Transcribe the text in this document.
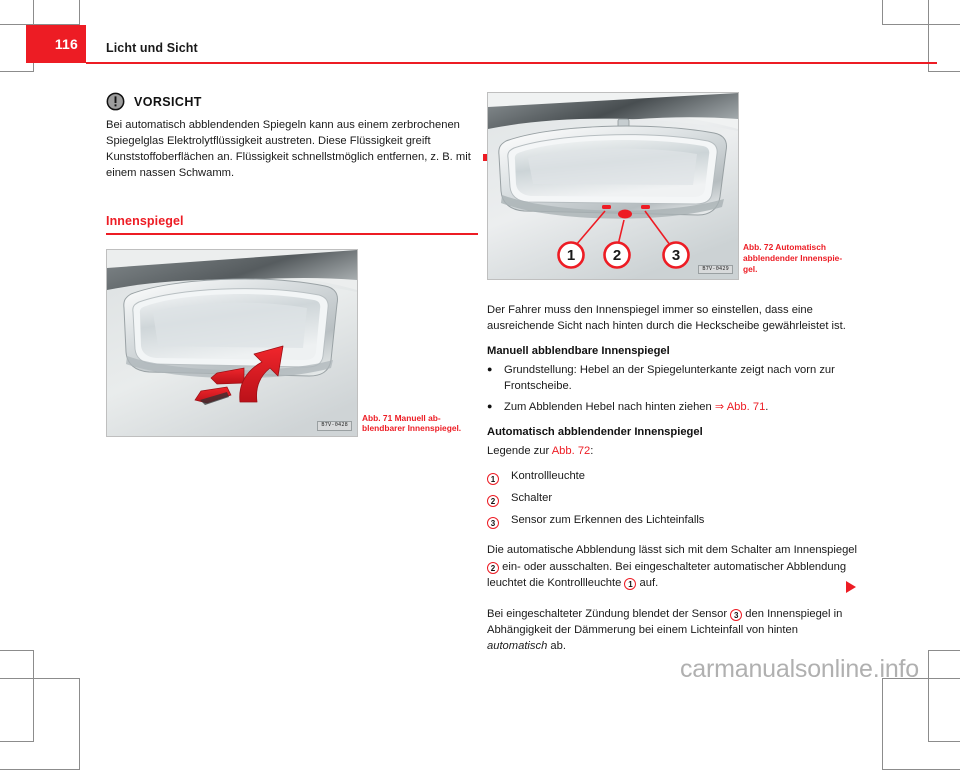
116 Licht und Sicht
VORSICHT
Bei automatisch abblendenden Spiegeln kann aus einem zerbrochenen Spiegelglas Elektrolytflüssigkeit austreten. Diese Flüssigkeit greift Kunststoffoberflächen an. Flüssigkeit schnellstmöglich entfernen, z. B. mit einem nassen Schwamm.
Innenspiegel
B7V-0428
Abb. 71 Manuell ab-
blendbarer Innenspiegel.
1	2	3
B7V-0429
Abb. 72 Automatisch
abblendender Innenspie-
gel.

Der Fahrer muss den Innenspiegel immer so einstellen, dass eine ausreichende Sicht nach hinten durch die Heckscheibe gewährleistet ist.

Manuell abblendbare Innenspiegel
●	Grundstellung: Hebel an der Spiegelunterkante zeigt nach vorn zur Frontscheibe.
●	Zum Abblenden Hebel nach hinten ziehen ⇒ Abb. 71.
Automatisch abblendender Innenspiegel

Legende zur Abb. 72:

1	Kontrollleuchte
2	Schalter
3	Sensor zum Erkennen des Lichteinfalls

Die automatische Abblendung lässt sich mit dem Schalter am Innenspiegel 2 ein- oder ausschalten. Bei eingeschalteter automatischer Abblendung leuchtet die Kontrollleuchte 1 auf.

Bei eingeschalteter Zündung blendet der Sensor 3 den Innenspiegel in Abhängigkeit der Dämmerung bei einem Lichteinfall von hinten automatisch ab.

carmanualsonline.info
